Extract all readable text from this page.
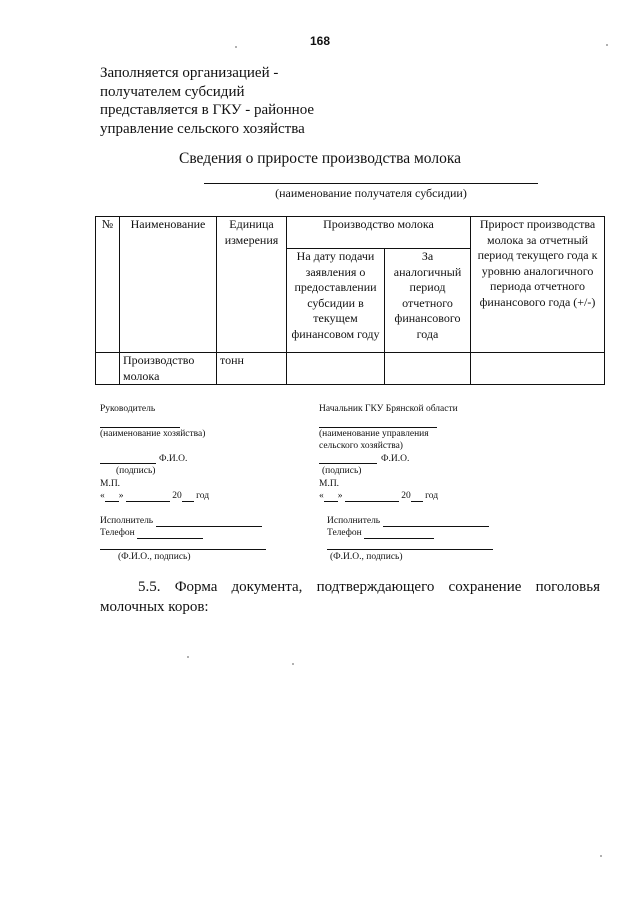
168
Заполняется организацией -
получателем субсидий
представляется в ГКУ - районное
управление сельского хозяйства
Сведения о приросте производства молока
(наименование получателя субсидии)
№	Наименование	Единица измерения	Производство молока		Прирост производства молока за отчетный период текущего года к уровню аналогичного периода отчетного финансового года (+/-)
			На дату подачи заявления о предоставлении субсидии в текущем финансовом году	За аналогичный период отчетного финансового года	
	Производство молока	тонн			
Руководитель
(наименование хозяйства)
Ф.И.О.
(подпись)
М.П.
« »	20 год
Исполнитель
Телефон
(Ф.И.О., подпись)
Начальник ГКУ Брянской области
(наименование управления
сельского хозяйства)
Ф.И.О.
(подпись)
М.П.
« »	20 год
Исполнитель
Телефон
(Ф.И.О., подпись)
5.5. Форма документа, подтверждающего сохранение поголовья молочных коров:
